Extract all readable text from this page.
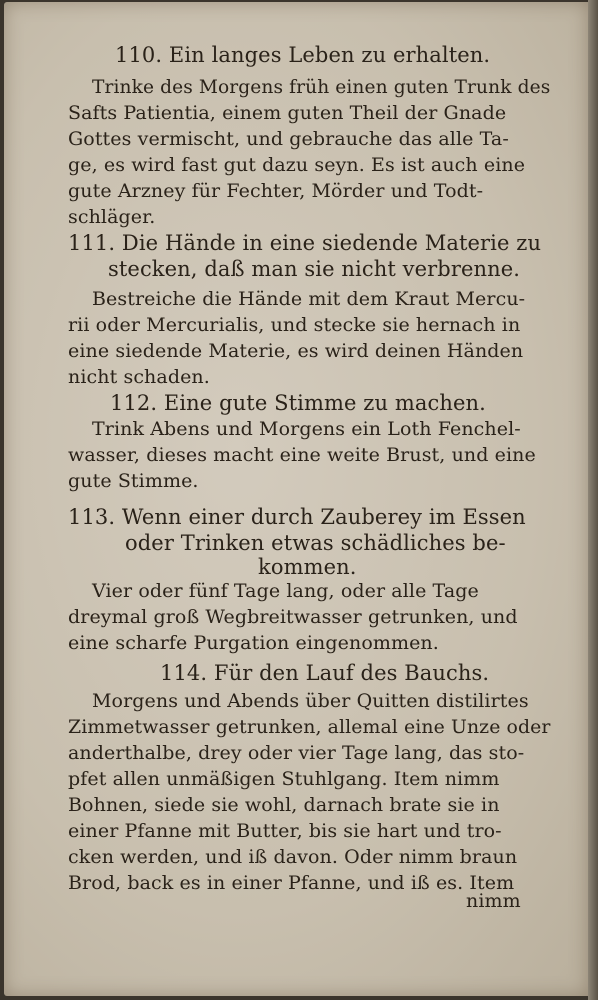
110. Ein langes Leben zu erhalten.
Trinke des Morgens früh einen guten Trunk des
Safts Patientia, einem guten Theil der Gnade
Gottes vermischt, und gebrauche das alle Ta-
ge, es wird fast gut dazu seyn. Es ist auch eine
gute Arzney für Fechter, Mörder und Todt-
schläger.
111. Die Hände in eine siedende Materie zu
stecken, daß man sie nicht verbrenne.
Bestreiche die Hände mit dem Kraut Mercu-
rii oder Mercurialis, und stecke sie hernach in
eine siedende Materie, es wird deinen Händen
nicht schaden.
112. Eine gute Stimme zu machen.
Trink Abens und Morgens ein Loth Fenchel-
wasser, dieses macht eine weite Brust, und eine
gute Stimme.
113. Wenn einer durch Zauberey im Essen
oder Trinken etwas schädliches be-
kommen.
Vier oder fünf Tage lang, oder alle Tage
dreymal groß Wegbreitwasser getrunken, und
eine scharfe Purgation eingenommen.
114. Für den Lauf des Bauchs.
Morgens und Abends über Quitten distilirtes
Zimmetwasser getrunken, allemal eine Unze oder
anderthalbe, drey oder vier Tage lang, das sto-
pfet allen unmäßigen Stuhlgang. Item nimm
Bohnen, siede sie wohl, darnach brate sie in
einer Pfanne mit Butter, bis sie hart und tro-
cken werden, und iß davon. Oder nimm braun
Brod, back es in einer Pfanne, und iß es. Item
nimm
